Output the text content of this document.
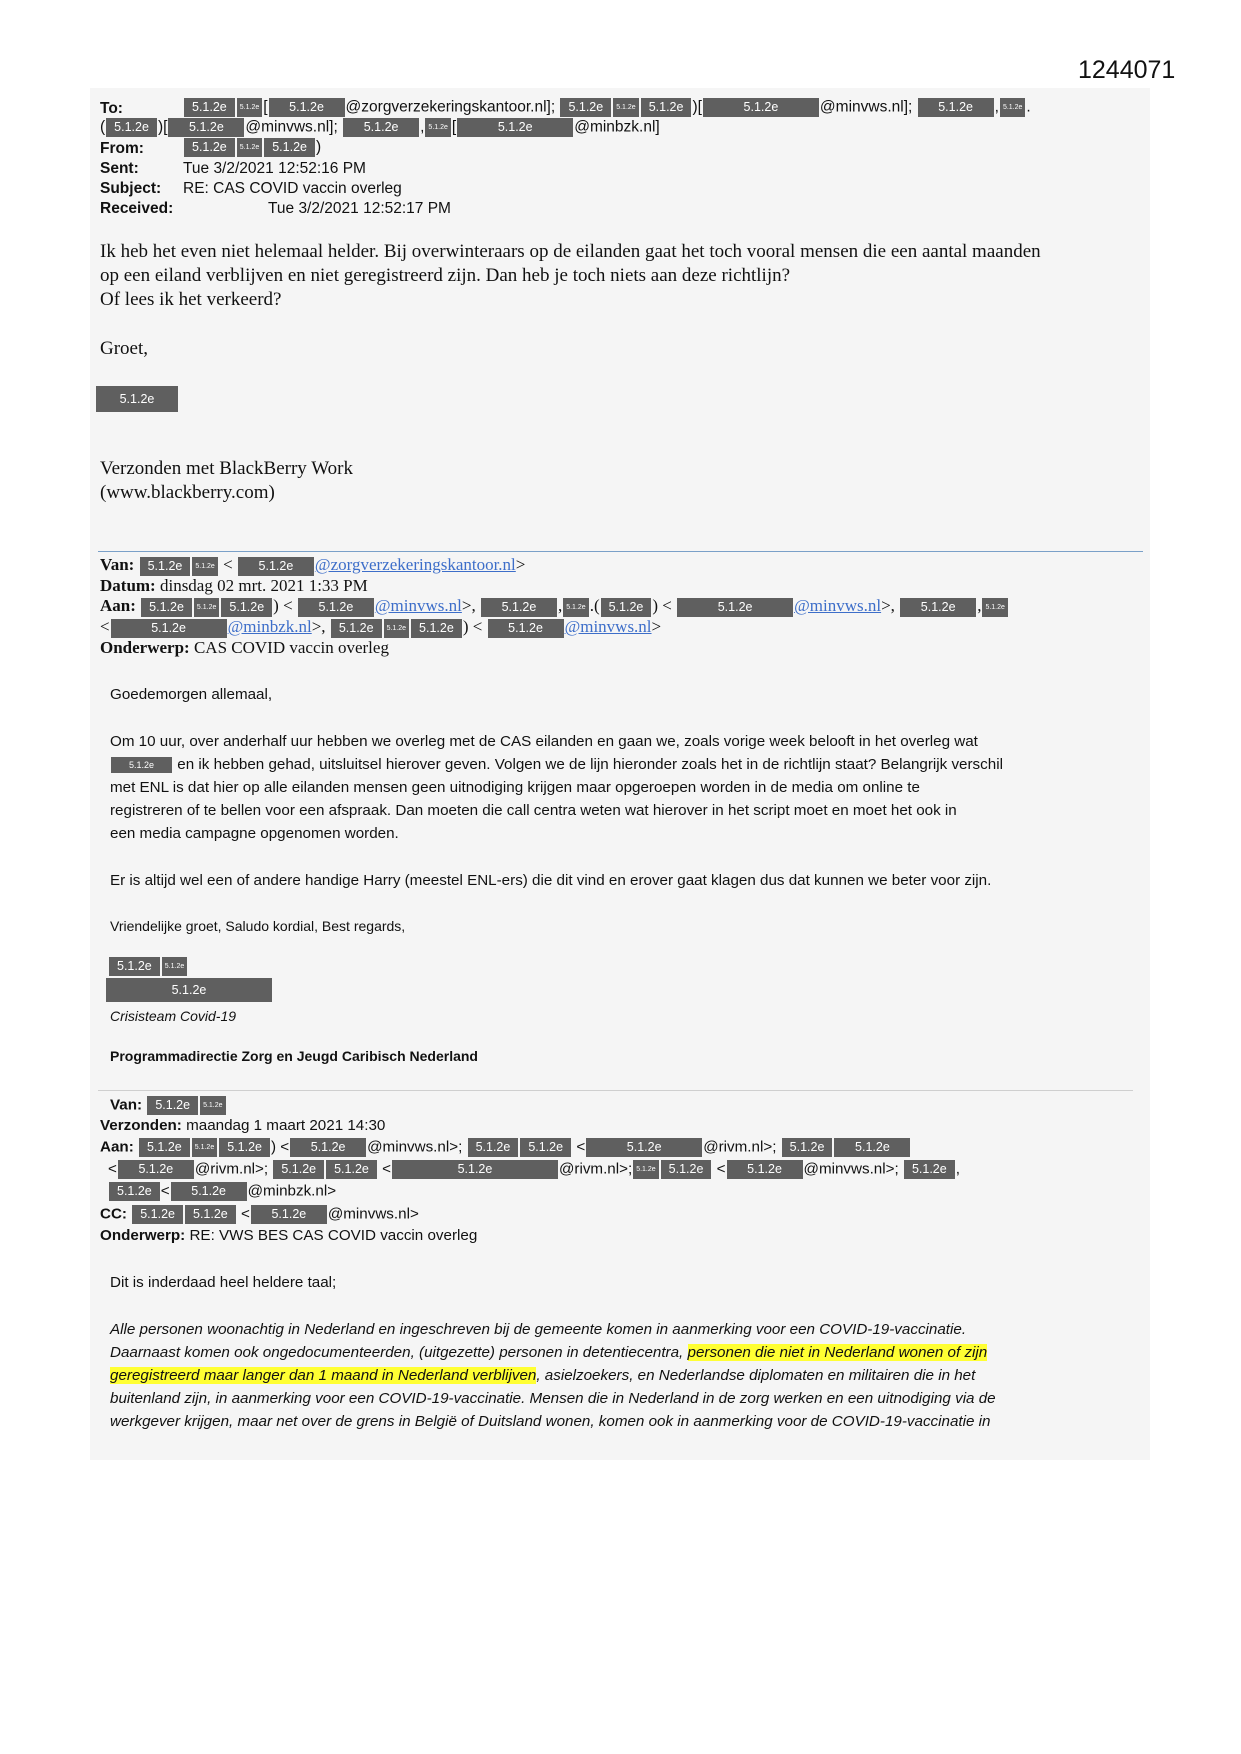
1244071
To:	5.1.2e 5.1.2e [ 5.1.2e @zorgverzekeringskantoor.nl]; 5.1.2e 5.1.2e 5.1.2e )[	5.1.2e	@minvws.nl]; 5.1.2e , 5.1.2e .
( 5.1.2e )[ 5.1.2e @minvws.nl]; 5.1.2e , 5.1.2e [	5.1.2e	@minbzk.nl]
From:	5.1.2e 5.1.2e 5.1.2e )
Sent:	Tue 3/2/2021 12:52:16 PM
Subject: RE: CAS COVID vaccin overleg
Received:	Tue 3/2/2021 12:52:17 PM
Ik heb het even niet helemaal helder. Bij overwinteraars op de eilanden gaat het toch vooral mensen die een aantal maanden
op een eiland verblijven en niet geregistreerd zijn. Dan heb je toch niets aan deze richtlijn?
Of lees ik het verkeerd?
Groet,
5.1.2e
Verzonden met BlackBerry Work
(www.blackberry.com)
Van: 5.1.2e 5.1.2e < 5.1.2e @zorgverzekeringskantoor.nl>
Datum: dinsdag 02 mrt. 2021 1:33 PM
Aan: 5.1.2e 5.1.2e 5.1.2e ) < 5.1.2e @minvws.nl>, 5.1.2e , 5.1.2e .( 5.1.2e ) <	5.1.2e @minvws.nl>, 5.1.2e , 5.1.2e
<	5.1.2e @minbzk.nl>, 5.1.2e 5.1.2e 5.1.2e ) < 5.1.2e @minvws.nl>
Onderwerp: CAS COVID vaccin overleg
Goedemorgen allemaal,
Om 10 uur, over anderhalf uur hebben we overleg met de CAS eilanden en gaan we, zoals vorige week belooft in het overleg wat
5.1.2e en ik hebben gehad, uitsluitsel hierover geven. Volgen we de lijn hieronder zoals het in de richtlijn staat? Belangrijk verschil
met ENL is dat hier op alle eilanden mensen geen uitnodiging krijgen maar opgeroepen worden in de media om online te
registreren of te bellen voor een afspraak. Dan moeten die call centra weten wat hierover in het script moet en moet het ook in
een media campagne opgenomen worden.
Er is altijd wel een of andere handige Harry (meestel ENL-ers) die dit vind en erover gaat klagen dus dat kunnen we beter voor zijn.
Vriendelijke groet, Saludo kordial, Best regards,
5.1.2e 5.1.2e
5.1.2e
Crisisteam Covid-19
Programmadirectie Zorg en Jeugd Caribisch Nederland
Van: 5.1.2e 5.1.2e
Verzonden: maandag 1 maart 2021 14:30
Aan: 5.1.2e 5.1.2e 5.1.2e ) < 5.1.2e @minvws.nl>; 5.1.2e 5.1.2e <	5.1.2e	@rivm.nl>; 5.1.2e 5.1.2e
< 5.1.2e @rivm.nl>; 5.1.2e 5.1.2e <	5.1.2e	@rivm.nl>; 5.1.2e 5.1.2e < 5.1.2e @minvws.nl>; 5.1.2e ,
5.1.2e < 5.1.2e @minbzk.nl>
CC: 5.1.2e 5.1.2e < 5.1.2e @minvws.nl>
Onderwerp: RE: VWS BES CAS COVID vaccin overleg
Dit is inderdaad heel heldere taal;
Alle personen woonachtig in Nederland en ingeschreven bij de gemeente komen in aanmerking voor een COVID-19-vaccinatie.
Daarnaast komen ook ongedocumenteerden, (uitgezette) personen in detentiecentra, personen die niet in Nederland wonen of zijn
geregistreerd maar langer dan 1 maand in Nederland verblijven, asielzoekers, en Nederlandse diplomaten en militairen die in het
buitenland zijn, in aanmerking voor een COVID-19-vaccinatie. Mensen die in Nederland in de zorg werken en een uitnodiging via de
werkgever krijgen, maar net over de grens in België of Duitsland wonen, komen ook in aanmerking voor de COVID-19-vaccinatie in
